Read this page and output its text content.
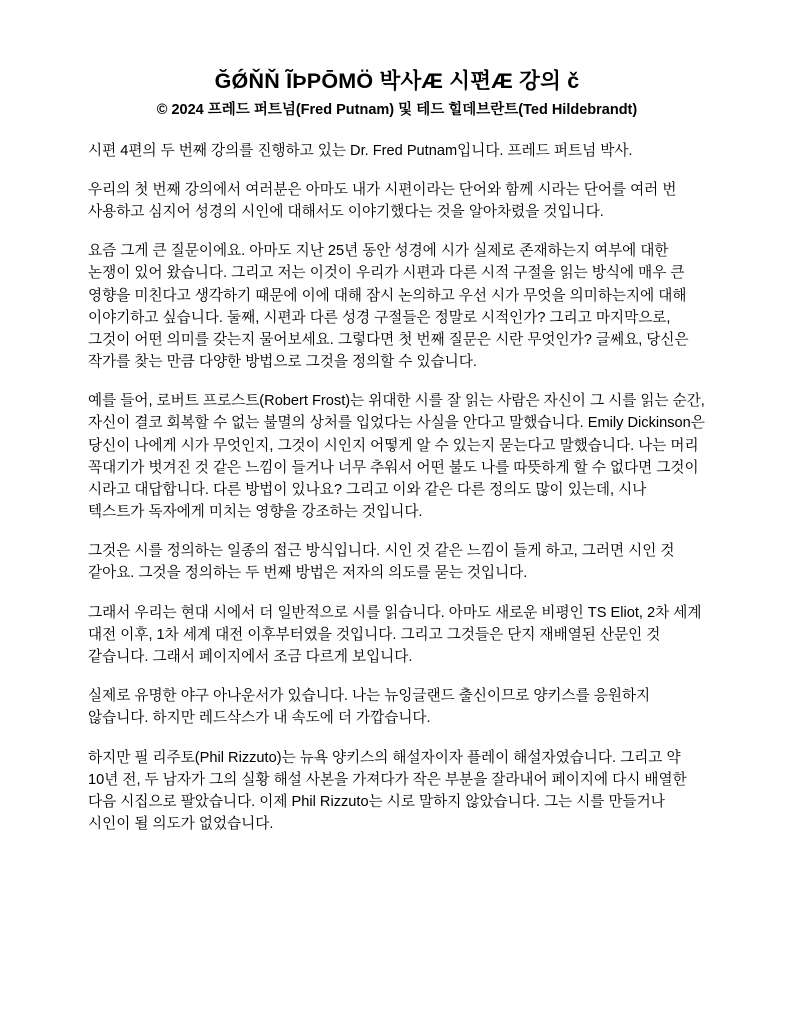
ĞǾŇŇ ĨÞPŌMÖ 박사Æ 시편Æ 강의 č
© 2024 프레드 퍼트넘(Fred Putnam) 및 테드 힐데브란트(Ted Hildebrandt)

시편 4편의 두 번째 강의를 진행하고 있는 Dr. Fred Putnam입니다. 프레드 퍼트넘 박사.

우리의 첫 번째 강의에서 여러분은 아마도 내가 시편이라는 단어와 함께 시라는 단어를 여러 번 사용하고 심지어 성경의 시인에 대해서도 이야기했다는 것을 알아차렸을 것입니다.

요즘 그게 큰 질문이에요. 아마도 지난 25년 동안 성경에 시가 실제로 존재하는지 여부에 대한 논쟁이 있어 왔습니다. 그리고 저는 이것이 우리가 시편과 다른 시적 구절을 읽는 방식에 매우 큰 영향을 미친다고 생각하기 때문에 이에 대해 잠시 논의하고 우선 시가 무엇을 의미하는지에 대해 이야기하고 싶습니다. 둘째, 시편과 다른 성경 구절들은 정말로 시적인가? 그리고 마지막으로, 그것이 어떤 의미를 갖는지 물어보세요. 그렇다면 첫 번째 질문은 시란 무엇인가? 글쎄요, 당신은 작가를 찾는 만큼 다양한 방법으로 그것을 정의할 수 있습니다.

예를 들어, 로버트 프로스트(Robert Frost)는 위대한 시를 잘 읽는 사람은 자신이 그 시를 읽는 순간, 자신이 결코 회복할 수 없는 불멸의 상처를 입었다는 사실을 안다고 말했습니다. Emily Dickinson은 당신이 나에게 시가 무엇인지, 그것이 시인지 어떻게 알 수 있는지 묻는다고 말했습니다. 나는 머리 꼭대기가 벗겨진 것 같은 느낌이 들거나 너무 추워서 어떤 불도 나를 따뜻하게 할 수 없다면 그것이 시라고 대답합니다. 다른 방법이 있나요? 그리고 이와 같은 다른 정의도 많이 있는데, 시나 텍스트가 독자에게 미치는 영향을 강조하는 것입니다.

그것은 시를 정의하는 일종의 접근 방식입니다. 시인 것 같은 느낌이 들게 하고, 그러면 시인 것 같아요. 그것을 정의하는 두 번째 방법은 저자의 의도를 묻는 것입니다.

그래서 우리는 현대 시에서 더 일반적으로 시를 읽습니다. 아마도 새로운 비평인 TS Eliot, 2차 세계 대전 이후, 1차 세계 대전 이후부터였을 것입니다. 그리고 그것들은 단지 재배열된 산문인 것 같습니다. 그래서 페이지에서 조금 다르게 보입니다.

실제로 유명한 야구 아나운서가 있습니다. 나는 뉴잉글랜드 출신이므로 양키스를 응원하지 않습니다. 하지만 레드삭스가 내 속도에 더 가깝습니다.

하지만 필 리주토(Phil Rizzuto)는 뉴욕 양키스의 해설자이자 플레이 해설자였습니다. 그리고 약 10년 전, 두 남자가 그의 실황 해설 사본을 가져다가 작은 부분을 잘라내어 페이지에 다시 배열한 다음 시집으로 팔았습니다. 이제 Phil Rizzuto는 시로 말하지 않았습니다. 그는 시를 만들거나 시인이 될 의도가 없었습니다.
